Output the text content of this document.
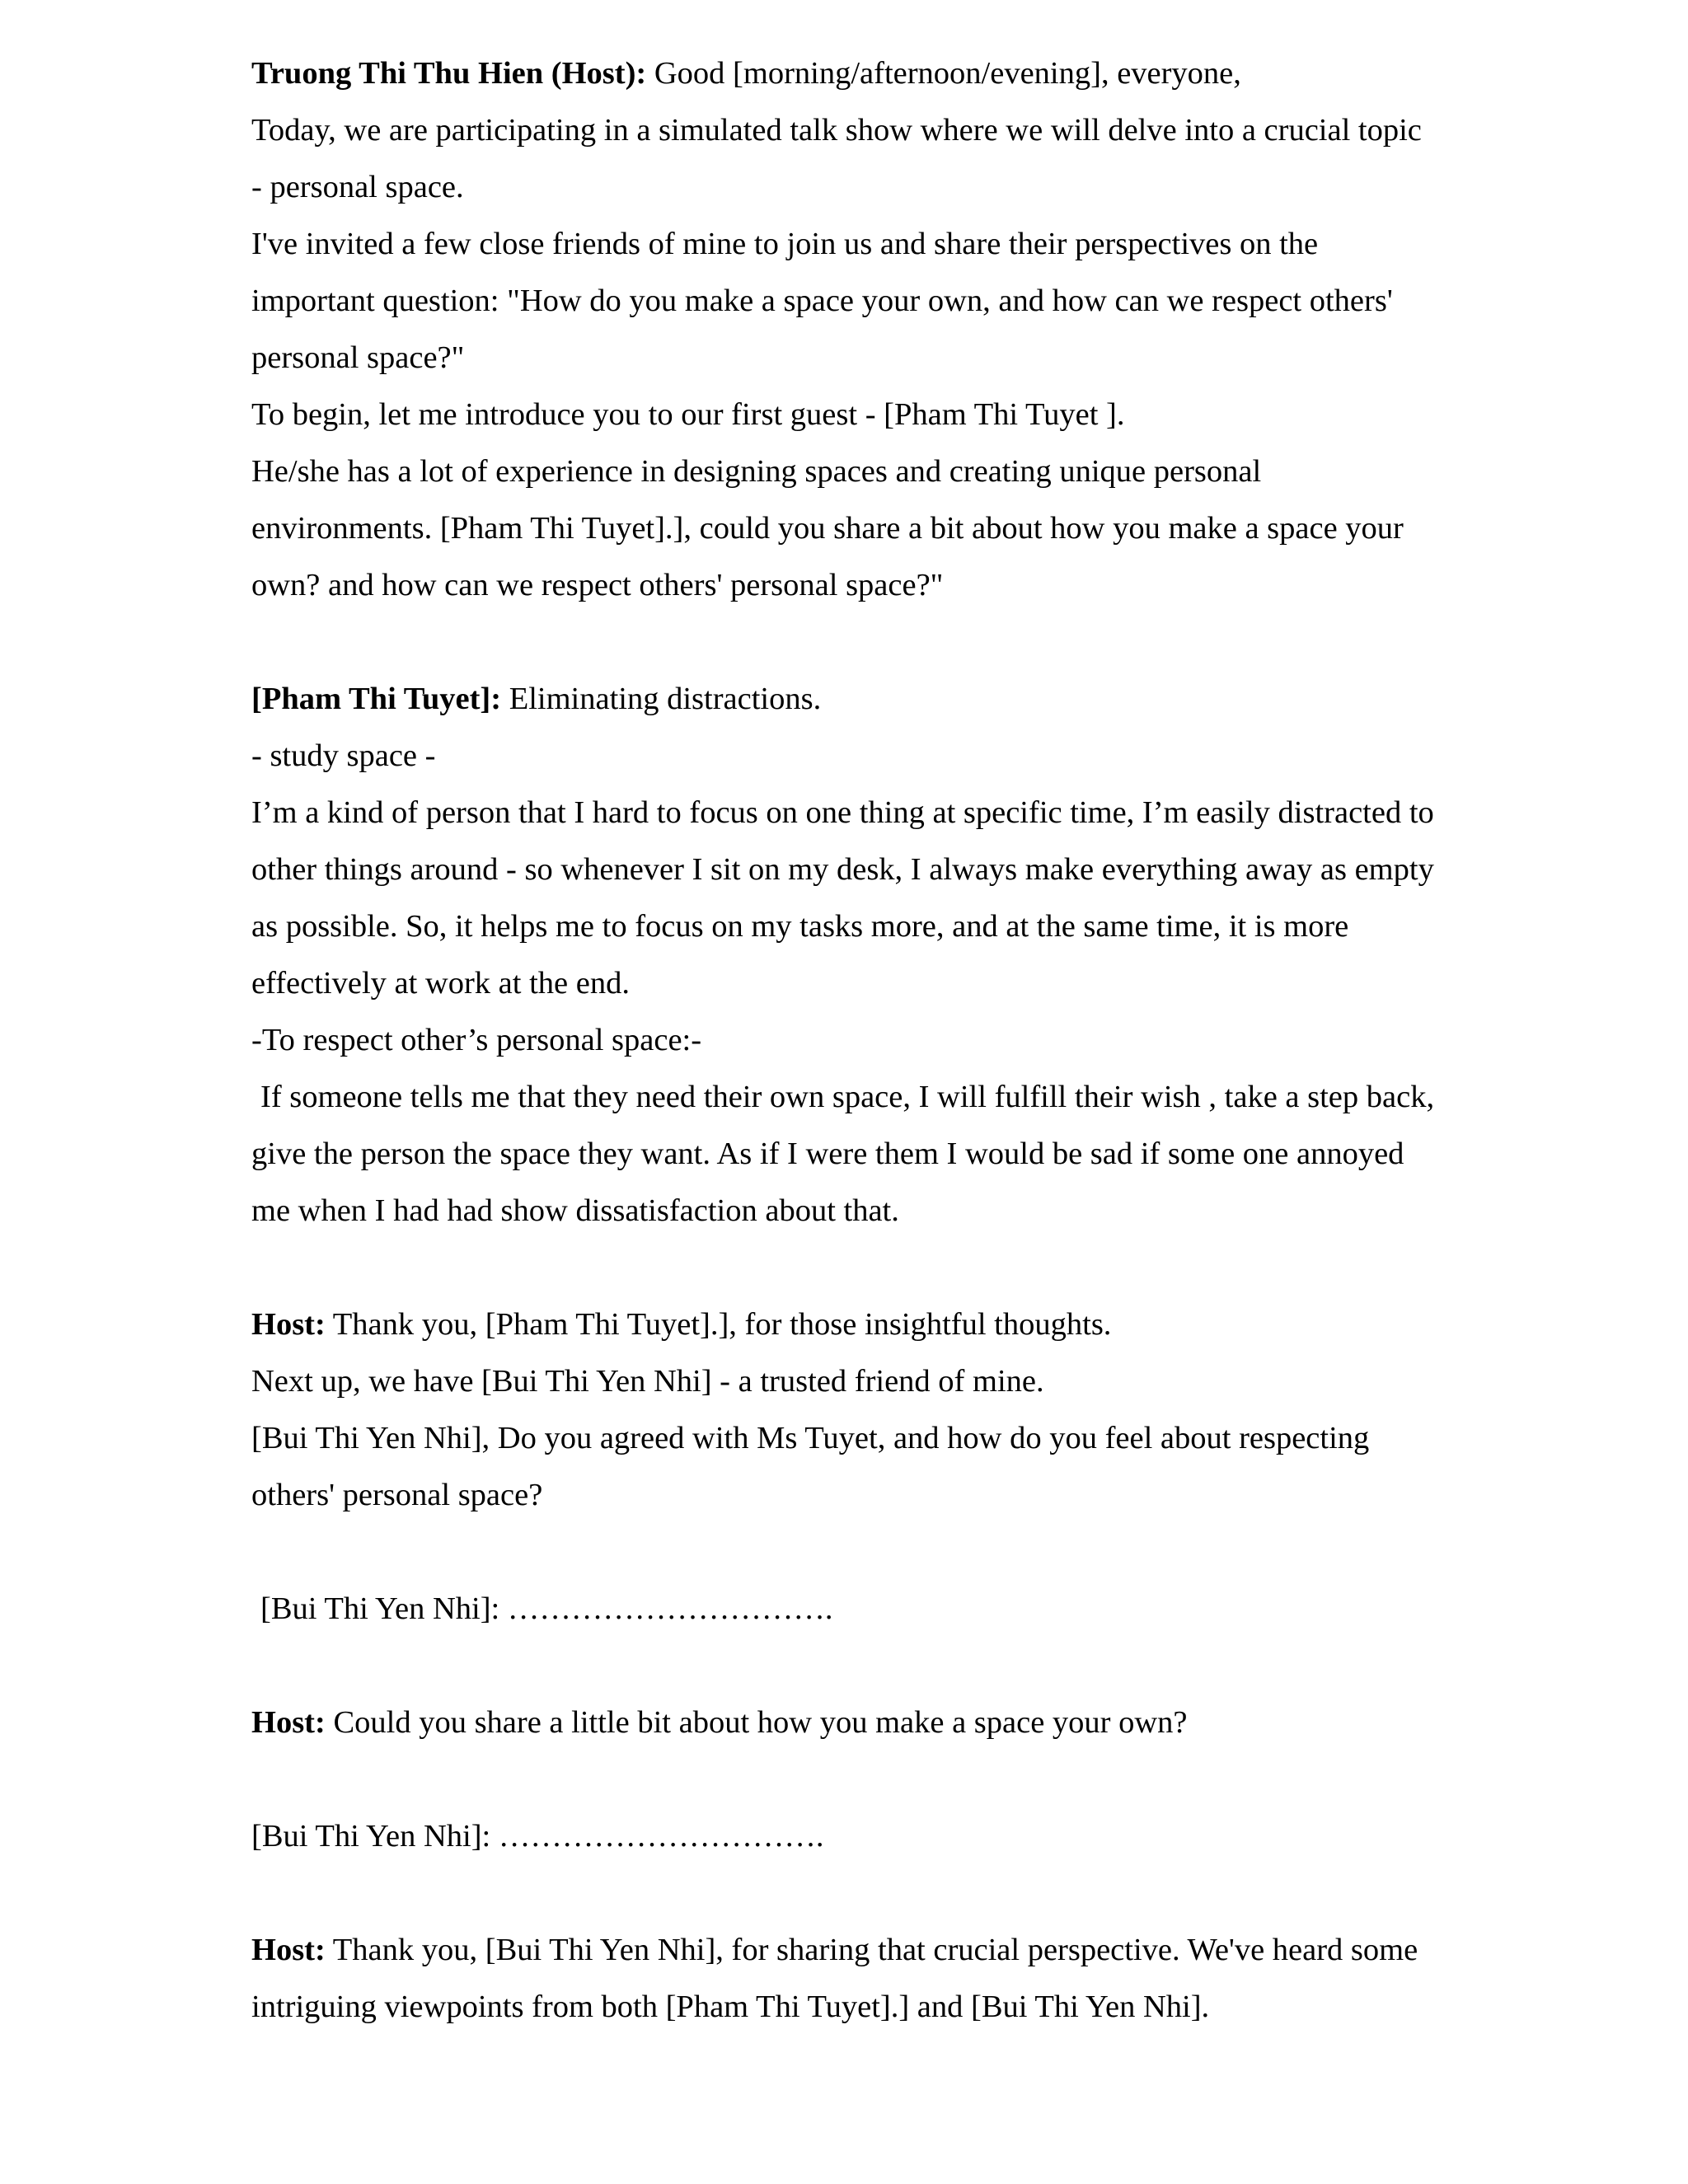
Truong Thi Thu Hien (Host): Good [morning/afternoon/evening], everyone,
Today, we are participating in a simulated talk show where we will delve into a crucial topic
- personal space.
I've invited a few close friends of mine to join us and share their perspectives on the
important question: "How do you make a space your own, and how can we respect others'
personal space?"
To begin, let me introduce you to our first guest - [Pham Thi Tuyet ].
He/she has a lot of experience in designing spaces and creating unique personal
environments. [Pham Thi Tuyet].], could you share a bit about how you make a space your
own? and how can we respect others' personal space?"
[Pham Thi Tuyet]: Eliminating distractions.
- study space -
I’m a kind of person that I hard to focus on one thing at specific time, I’m easily distracted to
other things around - so whenever I sit on my desk, I always make everything away as empty
as possible. So, it helps me to focus on my tasks more, and at the same time, it is more
effectively at work at the end.
-To respect other’s personal space:-
If someone tells me that they need their own space, I will fulfill their wish , take a step back,
give the person the space they want. As if I were them I would be sad if some one annoyed
me when I had had show dissatisfaction about that.
Host: Thank you, [Pham Thi Tuyet].], for those insightful thoughts.
Next up, we have [Bui Thi Yen Nhi] - a trusted friend of mine.
[Bui Thi Yen Nhi], Do you agreed with Ms Tuyet, and how do you feel about respecting
others' personal space?
[Bui Thi Yen Nhi]: ………………………….
Host: Could you share a little bit about how you make a space your own?
[Bui Thi Yen Nhi]: ………………………….
Host: Thank you, [Bui Thi Yen Nhi], for sharing that crucial perspective. We've heard some
intriguing viewpoints from both [Pham Thi Tuyet].] and [Bui Thi Yen Nhi].
